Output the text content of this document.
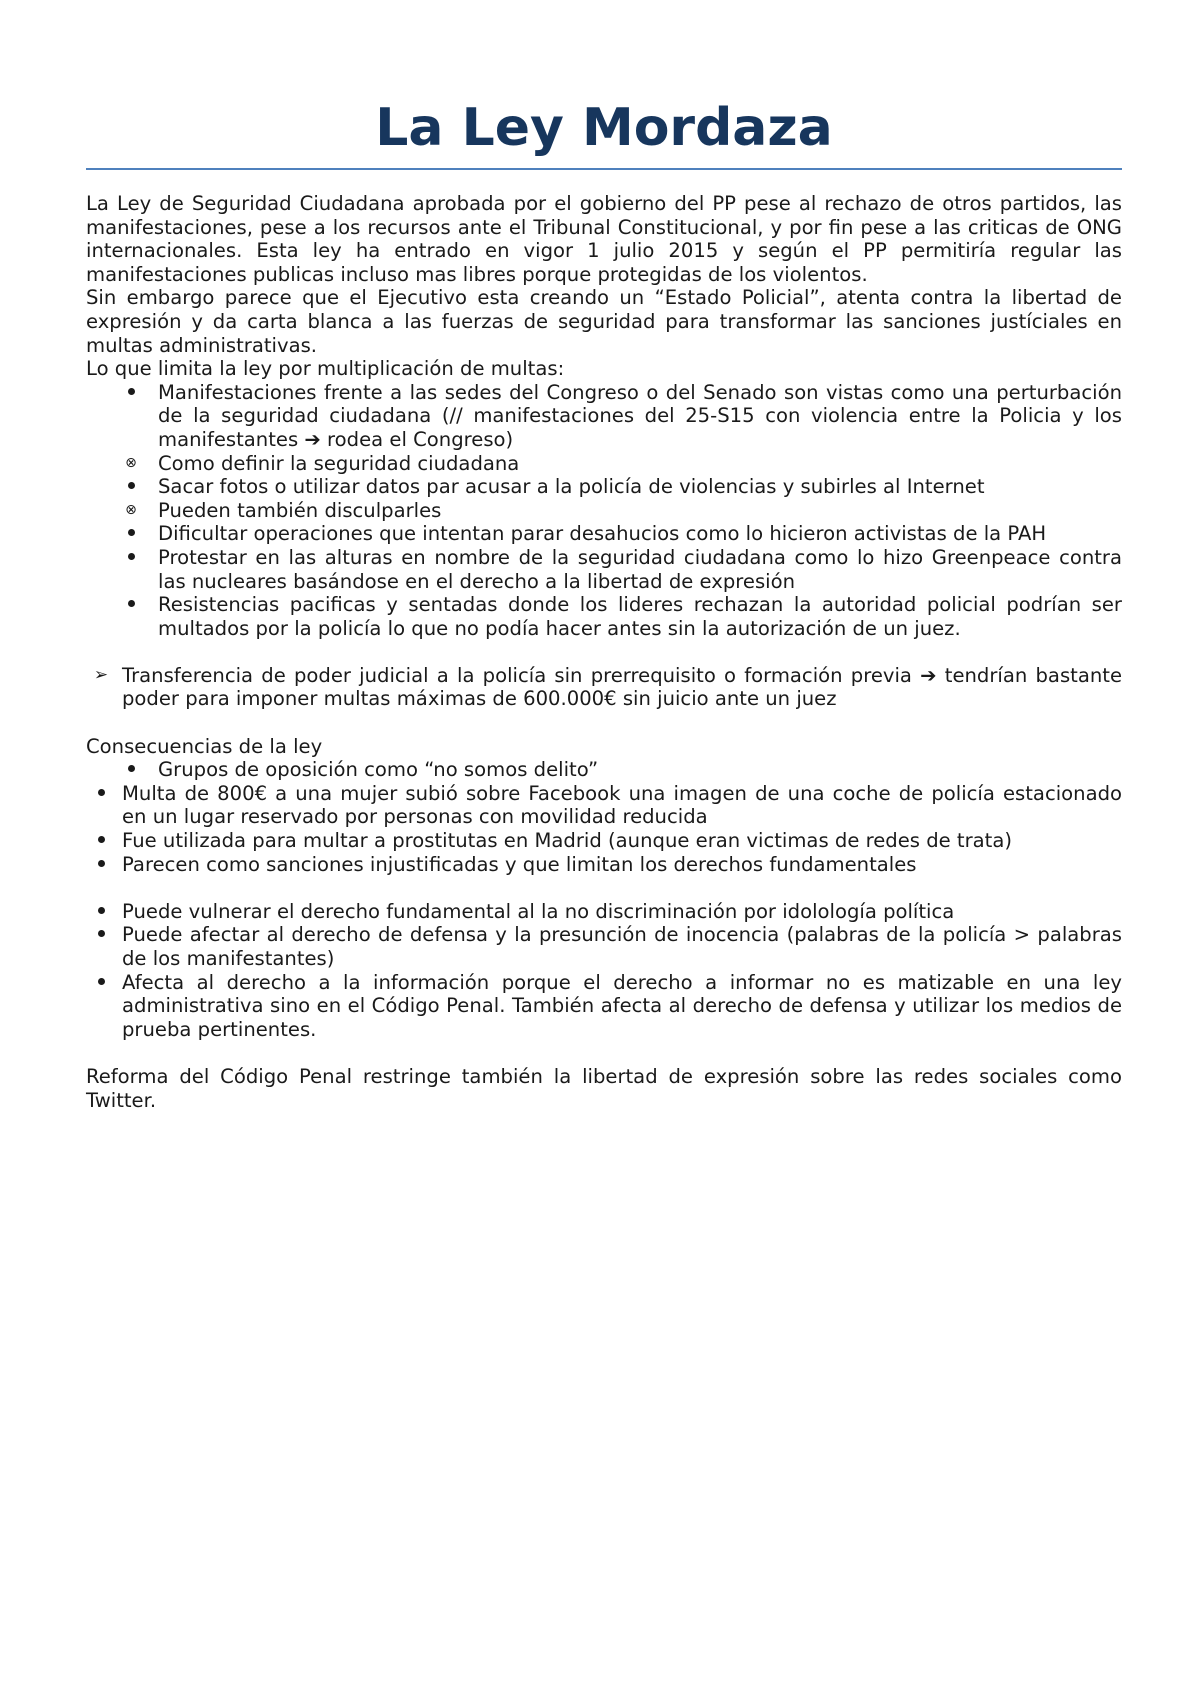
La Ley Mordaza

La Ley de Seguridad Ciudadana aprobada por el gobierno del PP pese al rechazo de otros partidos, las manifestaciones, pese a los recursos ante el Tribunal Constitucional, y por fin pese a las criticas de ONG internacionales. Esta ley ha entrado en vigor 1 julio 2015 y según el PP permitiría regular las manifestaciones publicas incluso mas libres porque protegidas de los violentos.

Sin embargo parece que el Ejecutivo esta creando un “Estado Policial”, atenta contra la libertad de expresión y da carta blanca a las fuerzas de seguridad para transformar las sanciones justíciales en multas administrativas.

Lo que limita la ley por multiplicación de multas:

Manifestaciones frente a las sedes del Congreso o del Senado son vistas como una perturbación de la seguridad ciudadana (// manifestaciones del 25-S15 con violencia entre la Policia y los manifestantes ➔ rodea el Congreso)
⊗	Como definir la seguridad ciudadana
Sacar fotos o utilizar datos par acusar a la policía de violencias y subirles al Internet
⊗	Pueden también disculparles
Dificultar operaciones que intentan parar desahucios como lo hicieron activistas de la PAH
Protestar en las alturas en nombre de la seguridad ciudadana como lo hizo Greenpeace contra las nucleares basándose en el derecho a la libertad de expresión
Resistencias pacificas y sentadas donde los lideres rechazan la autoridad policial podrían ser multados por la policía lo que no podía hacer antes sin la autorización de un juez.
➢ Transferencia de poder judicial a la policía sin prerrequisito o formación previa ➔ tendrían bastante poder para imponer multas máximas de 600.000€ sin juicio ante un juez

Consecuencias de la ley

Grupos de oposición como “no somos delito”
Multa de 800€ a una mujer subió sobre Facebook una imagen de una coche de policía estacionado en un lugar reservado por personas con movilidad reducida
Fue utilizada para multar a prostitutas en Madrid (aunque eran victimas de redes de trata)
Parecen como sanciones injustificadas y que limitan los derechos fundamentales
Puede vulnerar el derecho fundamental al la no discriminación por idolología política
Puede afectar al derecho de defensa y la presunción de inocencia (palabras de la policía > palabras de los manifestantes)
Afecta al derecho a la información porque el derecho a informar no es matizable en una ley administrativa sino en el Código Penal. También afecta al derecho de defensa y utilizar los medios de prueba pertinentes.

Reforma del Código Penal restringe también la libertad de expresión sobre las redes sociales como Twitter.
